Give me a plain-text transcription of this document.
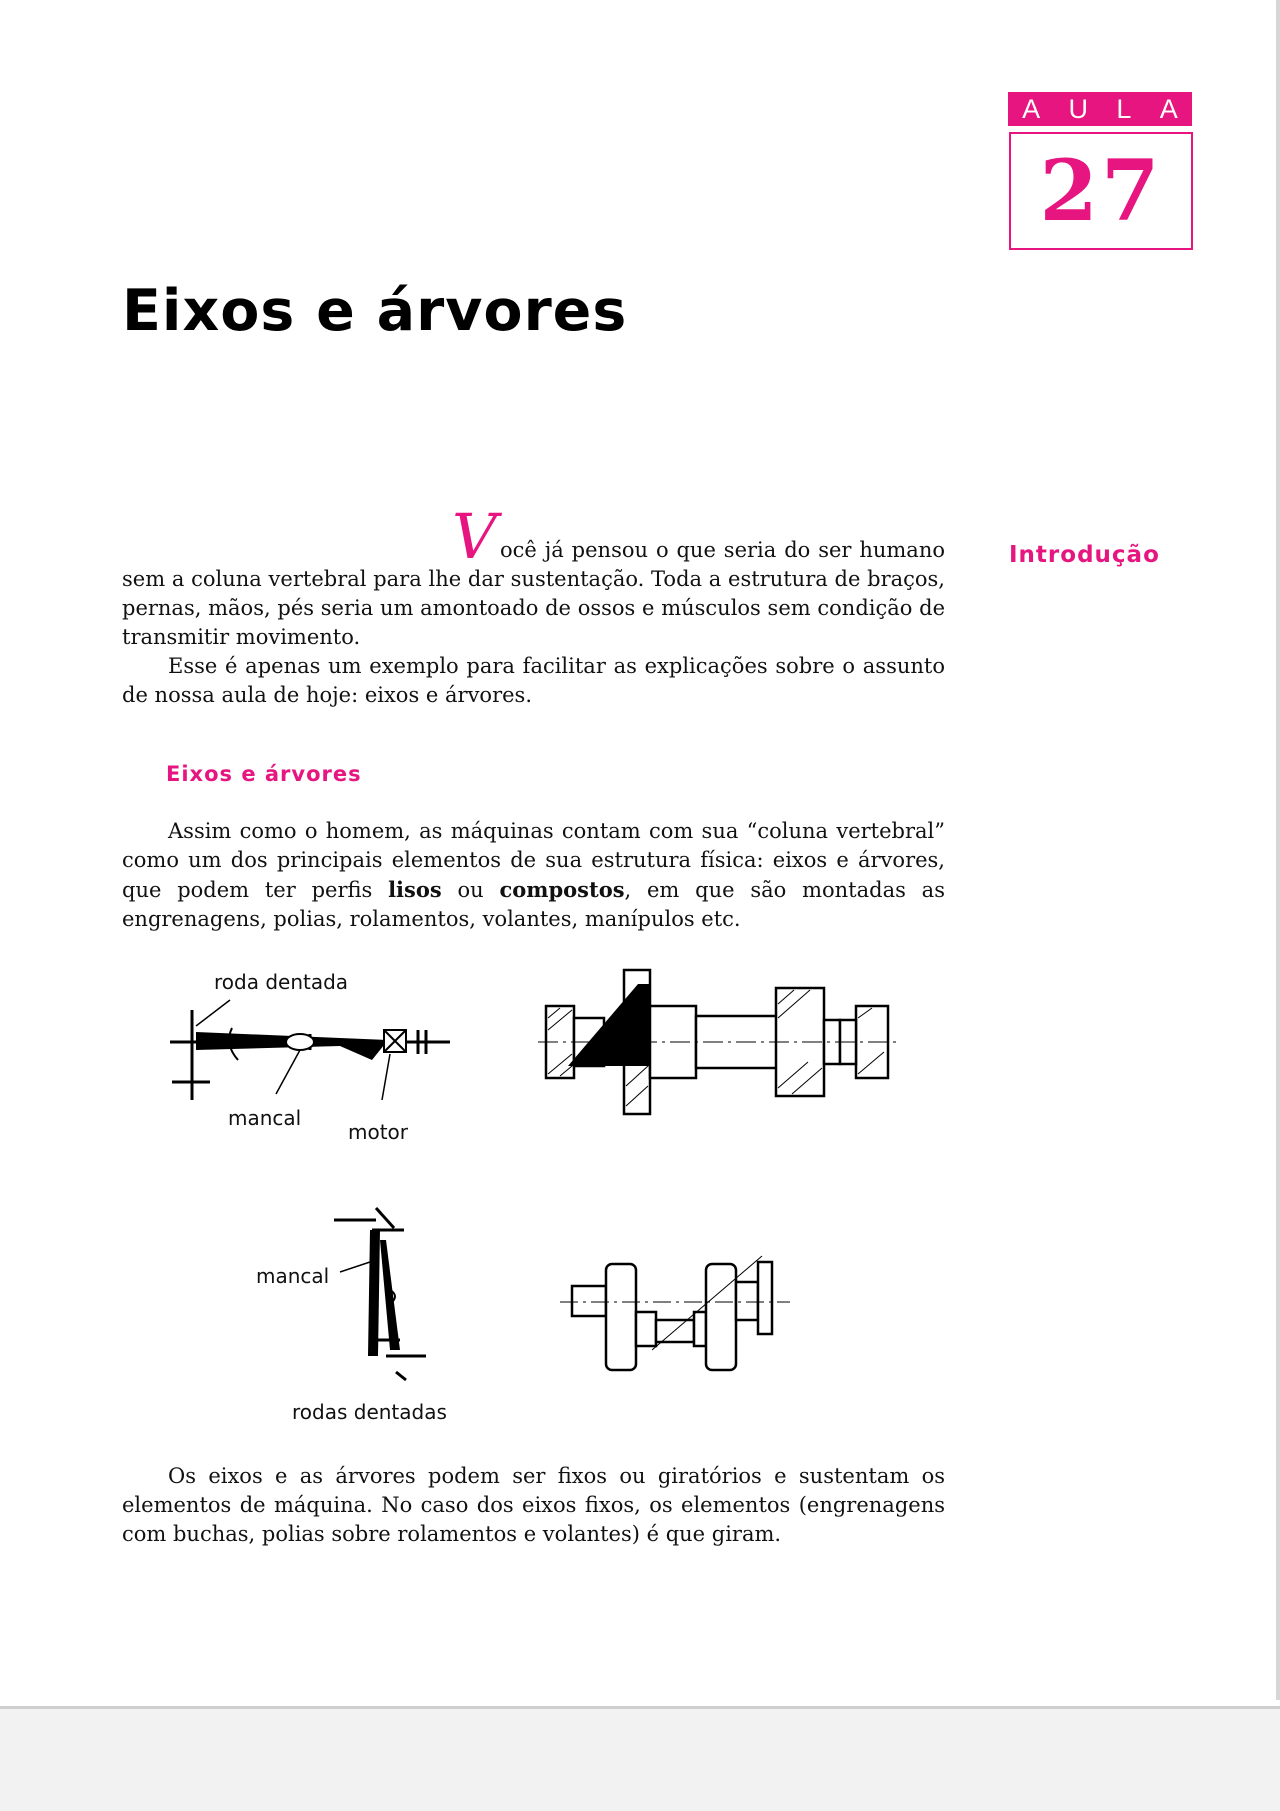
A U L A
27
Eixos e árvores
Introdução
V ocê já pensou o que seria do ser humano

sem a coluna vertebral para lhe dar sustentação. Toda a estrutura de braços, pernas, mãos, pés seria um amontoado de ossos e músculos sem condição de transmitir movimento.

Esse é apenas um exemplo para facilitar as explicações sobre o assunto de nossa aula de hoje: eixos e árvores.

Eixos e árvores

Assim como o homem, as máquinas contam com sua “coluna vertebral” como um dos principais elementos de sua estrutura física: eixos e árvores, que podem ter perfis lisos ou compostos, em que são montadas as engrenagens, polias, rolamentos, volantes, manípulos etc.

roda dentada
mancal
motor
mancal
rodas dentadas

Os eixos e as árvores podem ser fixos ou giratórios e sustentam os elementos de máquina. No caso dos eixos fixos, os elementos (engrenagens com buchas, polias sobre rolamentos e volantes) é que giram.
